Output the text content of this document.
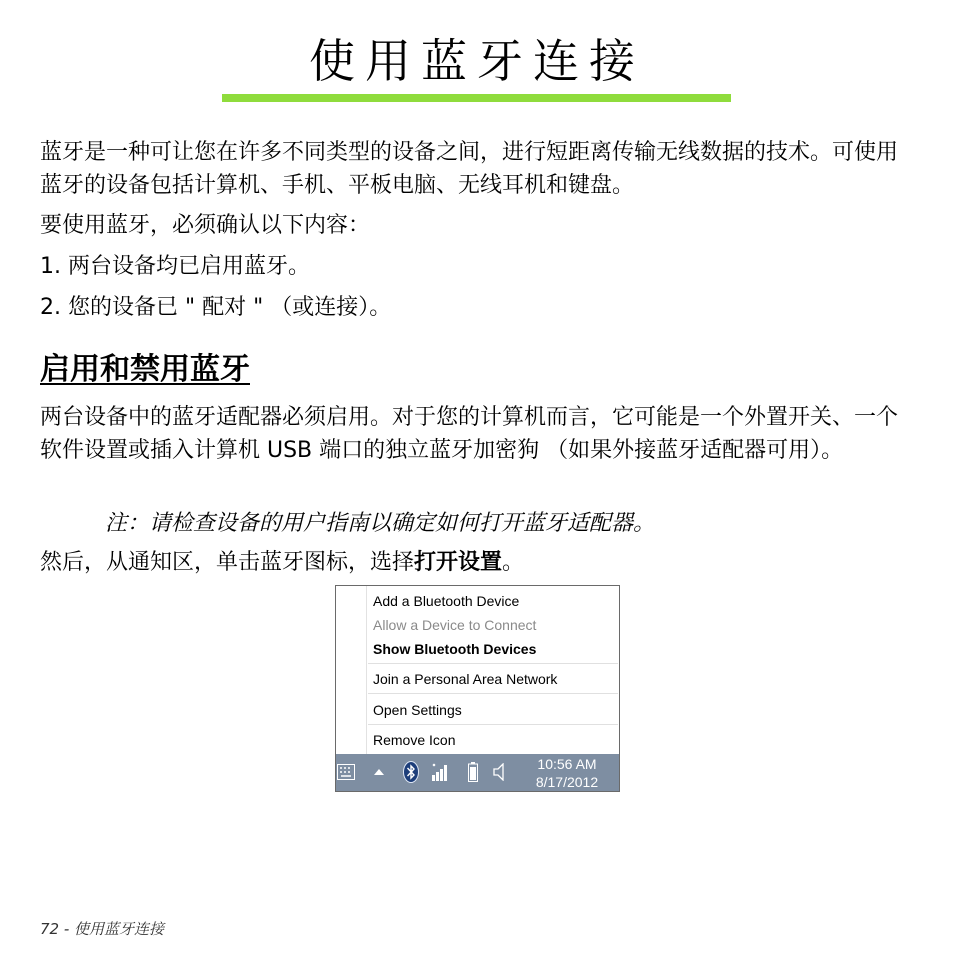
使用蓝牙连接

蓝牙是一种可让您在许多不同类型的设备之间，进行短距离传输无线数据的技术。可使用蓝牙的设备包括计算机、手机、平板电脑、无线耳机和键盘。

要使用蓝牙，必须确认以下内容：

1. 两台设备均已启用蓝牙。

2. 您的设备已 " 配对 " （或连接）。

启用和禁用蓝牙

两台设备中的蓝牙适配器必须启用。对于您的计算机而言，它可能是一个外置开关、一个软件设置或插入计算机 USB 端口的独立蓝牙加密狗 （如果外接蓝牙适配器可用）。

注：请检查设备的用户指南以确定如何打开蓝牙适配器。

然后，从通知区，单击蓝牙图标，选择打开设置。

Add a Bluetooth Device
Allow a Device to Connect
Show Bluetooth Devices
Join a Personal Area Network
Open Settings
Remove Icon
10:56 AM
8/17/2012
72 - 使用蓝牙连接
